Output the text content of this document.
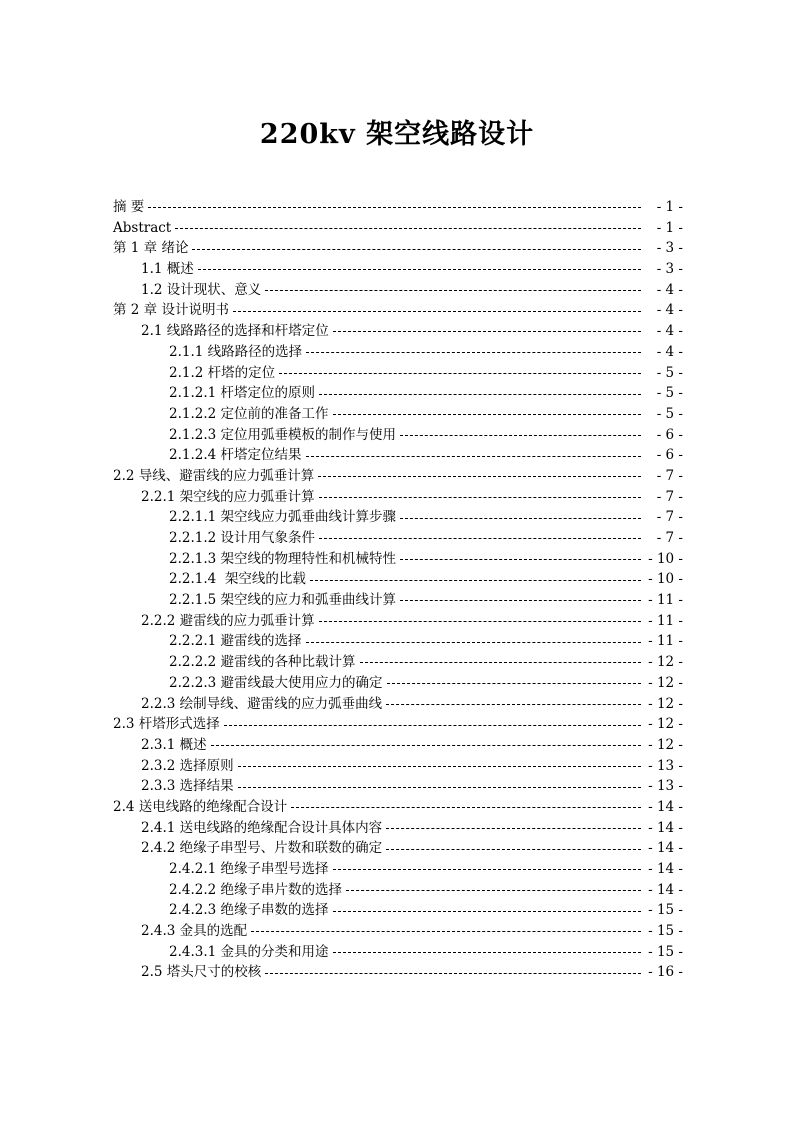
220kv 架空线路设计
摘 要	- 1 -
Abstract	- 1 -
第 1 章 绪论	- 3 -
1.1 概述	- 3 -
1.2 设计现状、意义	- 4 -
第 2 章 设计说明书	- 4 -
2.1 线路路径的选择和杆塔定位	- 4 -
2.1.1 线路路径的选择	- 4 -
2.1.2 杆塔的定位	- 5 -
2.1.2.1 杆塔定位的原则	- 5 -
2.1.2.2 定位前的准备工作	- 5 -
2.1.2.3 定位用弧垂模板的制作与使用	- 6 -
2.1.2.4 杆塔定位结果	- 6 -
2.2 导线、避雷线的应力弧垂计算	- 7 -
2.2.1 架空线的应力弧垂计算	- 7 -
2.2.1.1 架空线应力弧垂曲线计算步骤	- 7 -
2.2.1.2 设计用气象条件	- 7 -
2.2.1.3 架空线的物理特性和机械特性	- 10 -
2.2.1.4  架空线的比载	- 10 -
2.2.1.5 架空线的应力和弧垂曲线计算	- 11 -
2.2.2 避雷线的应力弧垂计算	- 11 -
2.2.2.1 避雷线的选择	- 11 -
2.2.2.2 避雷线的各种比载计算	- 12 -
2.2.2.3 避雷线最大使用应力的确定	- 12 -
2.2.3 绘制导线、避雷线的应力弧垂曲线	- 12 -
2.3 杆塔形式选择	- 12 -
2.3.1 概述	- 12 -
2.3.2 选择原则	- 13 -
2.3.3 选择结果	- 13 -
2.4 送电线路的绝缘配合设计	- 14 -
2.4.1 送电线路的绝缘配合设计具体内容	- 14 -
2.4.2 绝缘子串型号、片数和联数的确定	- 14 -
2.4.2.1 绝缘子串型号选择	- 14 -
2.4.2.2 绝缘子串片数的选择	- 14 -
2.4.2.3 绝缘子串数的选择	- 15 -
2.4.3 金具的选配	- 15 -
2.4.3.1 金具的分类和用途	- 15 -
2.5 塔头尺寸的校核	- 16 -
